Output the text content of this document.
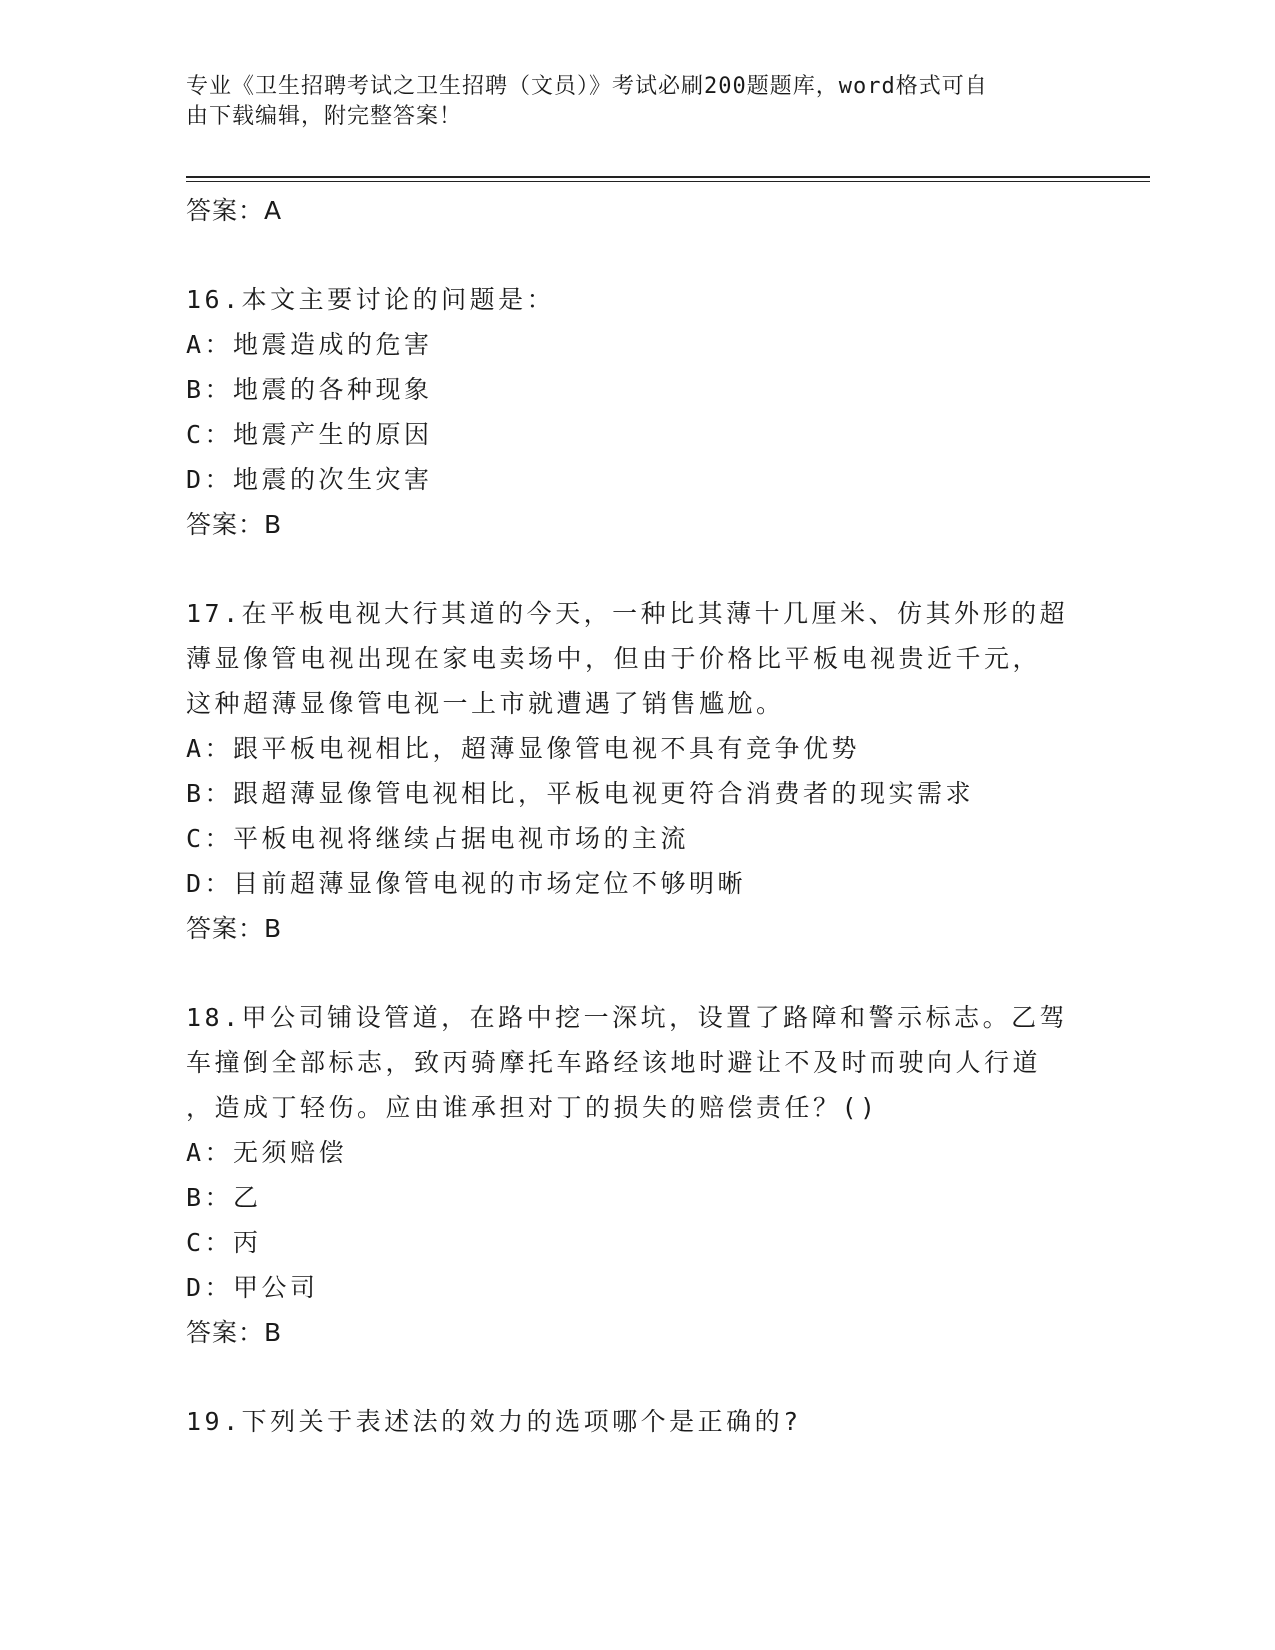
专业《卫生招聘考试之卫生招聘（文员）》考试必刷200题题库，word格式可自
由下载编辑，附完整答案！
答案：A
16.本文主要讨论的问题是：
A：地震造成的危害
B：地震的各种现象
C：地震产生的原因
D：地震的次生灾害
答案：B
17.在平板电视大行其道的今天，一种比其薄十几厘米、仿其外形的超
薄显像管电视出现在家电卖场中，但由于价格比平板电视贵近千元，
这种超薄显像管电视一上市就遭遇了销售尴尬。
A：跟平板电视相比，超薄显像管电视不具有竞争优势
B：跟超薄显像管电视相比，平板电视更符合消费者的现实需求
C：平板电视将继续占据电视市场的主流
D：目前超薄显像管电视的市场定位不够明晰
答案：B
18.甲公司铺设管道，在路中挖一深坑，设置了路障和警示标志。乙驾
车撞倒全部标志，致丙骑摩托车路经该地时避让不及时而驶向人行道
，造成丁轻伤。应由谁承担对丁的损失的赔偿责任？()
A：无须赔偿
B：乙
C：丙
D：甲公司
答案：B
19.下列关于表述法的效力的选项哪个是正确的?
